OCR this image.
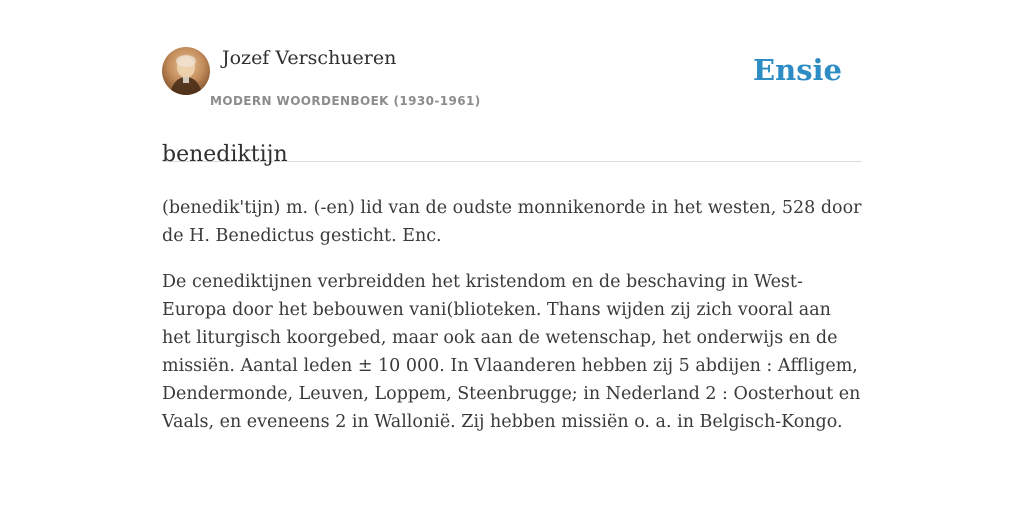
Jozef Verschueren
MODERN WOORDENBOEK (1930-1961)
Ensie
benediktijn

(benedik'tijn) m. (-en) lid van de oudste monnikenorde in het westen, 528 door de H. Benedictus gesticht. Enc.

De cenediktijnen verbreidden het kristendom en de beschaving in West-Europa door het bebouwen vani(blioteken. Thans wijden zij zich vooral aan het liturgisch koorgebed, maar ook aan de wetenschap, het onderwijs en de missiën. Aantal leden ± 10 000. In Vlaanderen hebben zij 5 abdijen : Affligem, Dendermonde, Leuven, Loppem, Steenbrugge; in Nederland 2 : Oosterhout en Vaals, en eveneens 2 in Wallonië. Zij hebben missiën o. a. in Belgisch-Kongo.
